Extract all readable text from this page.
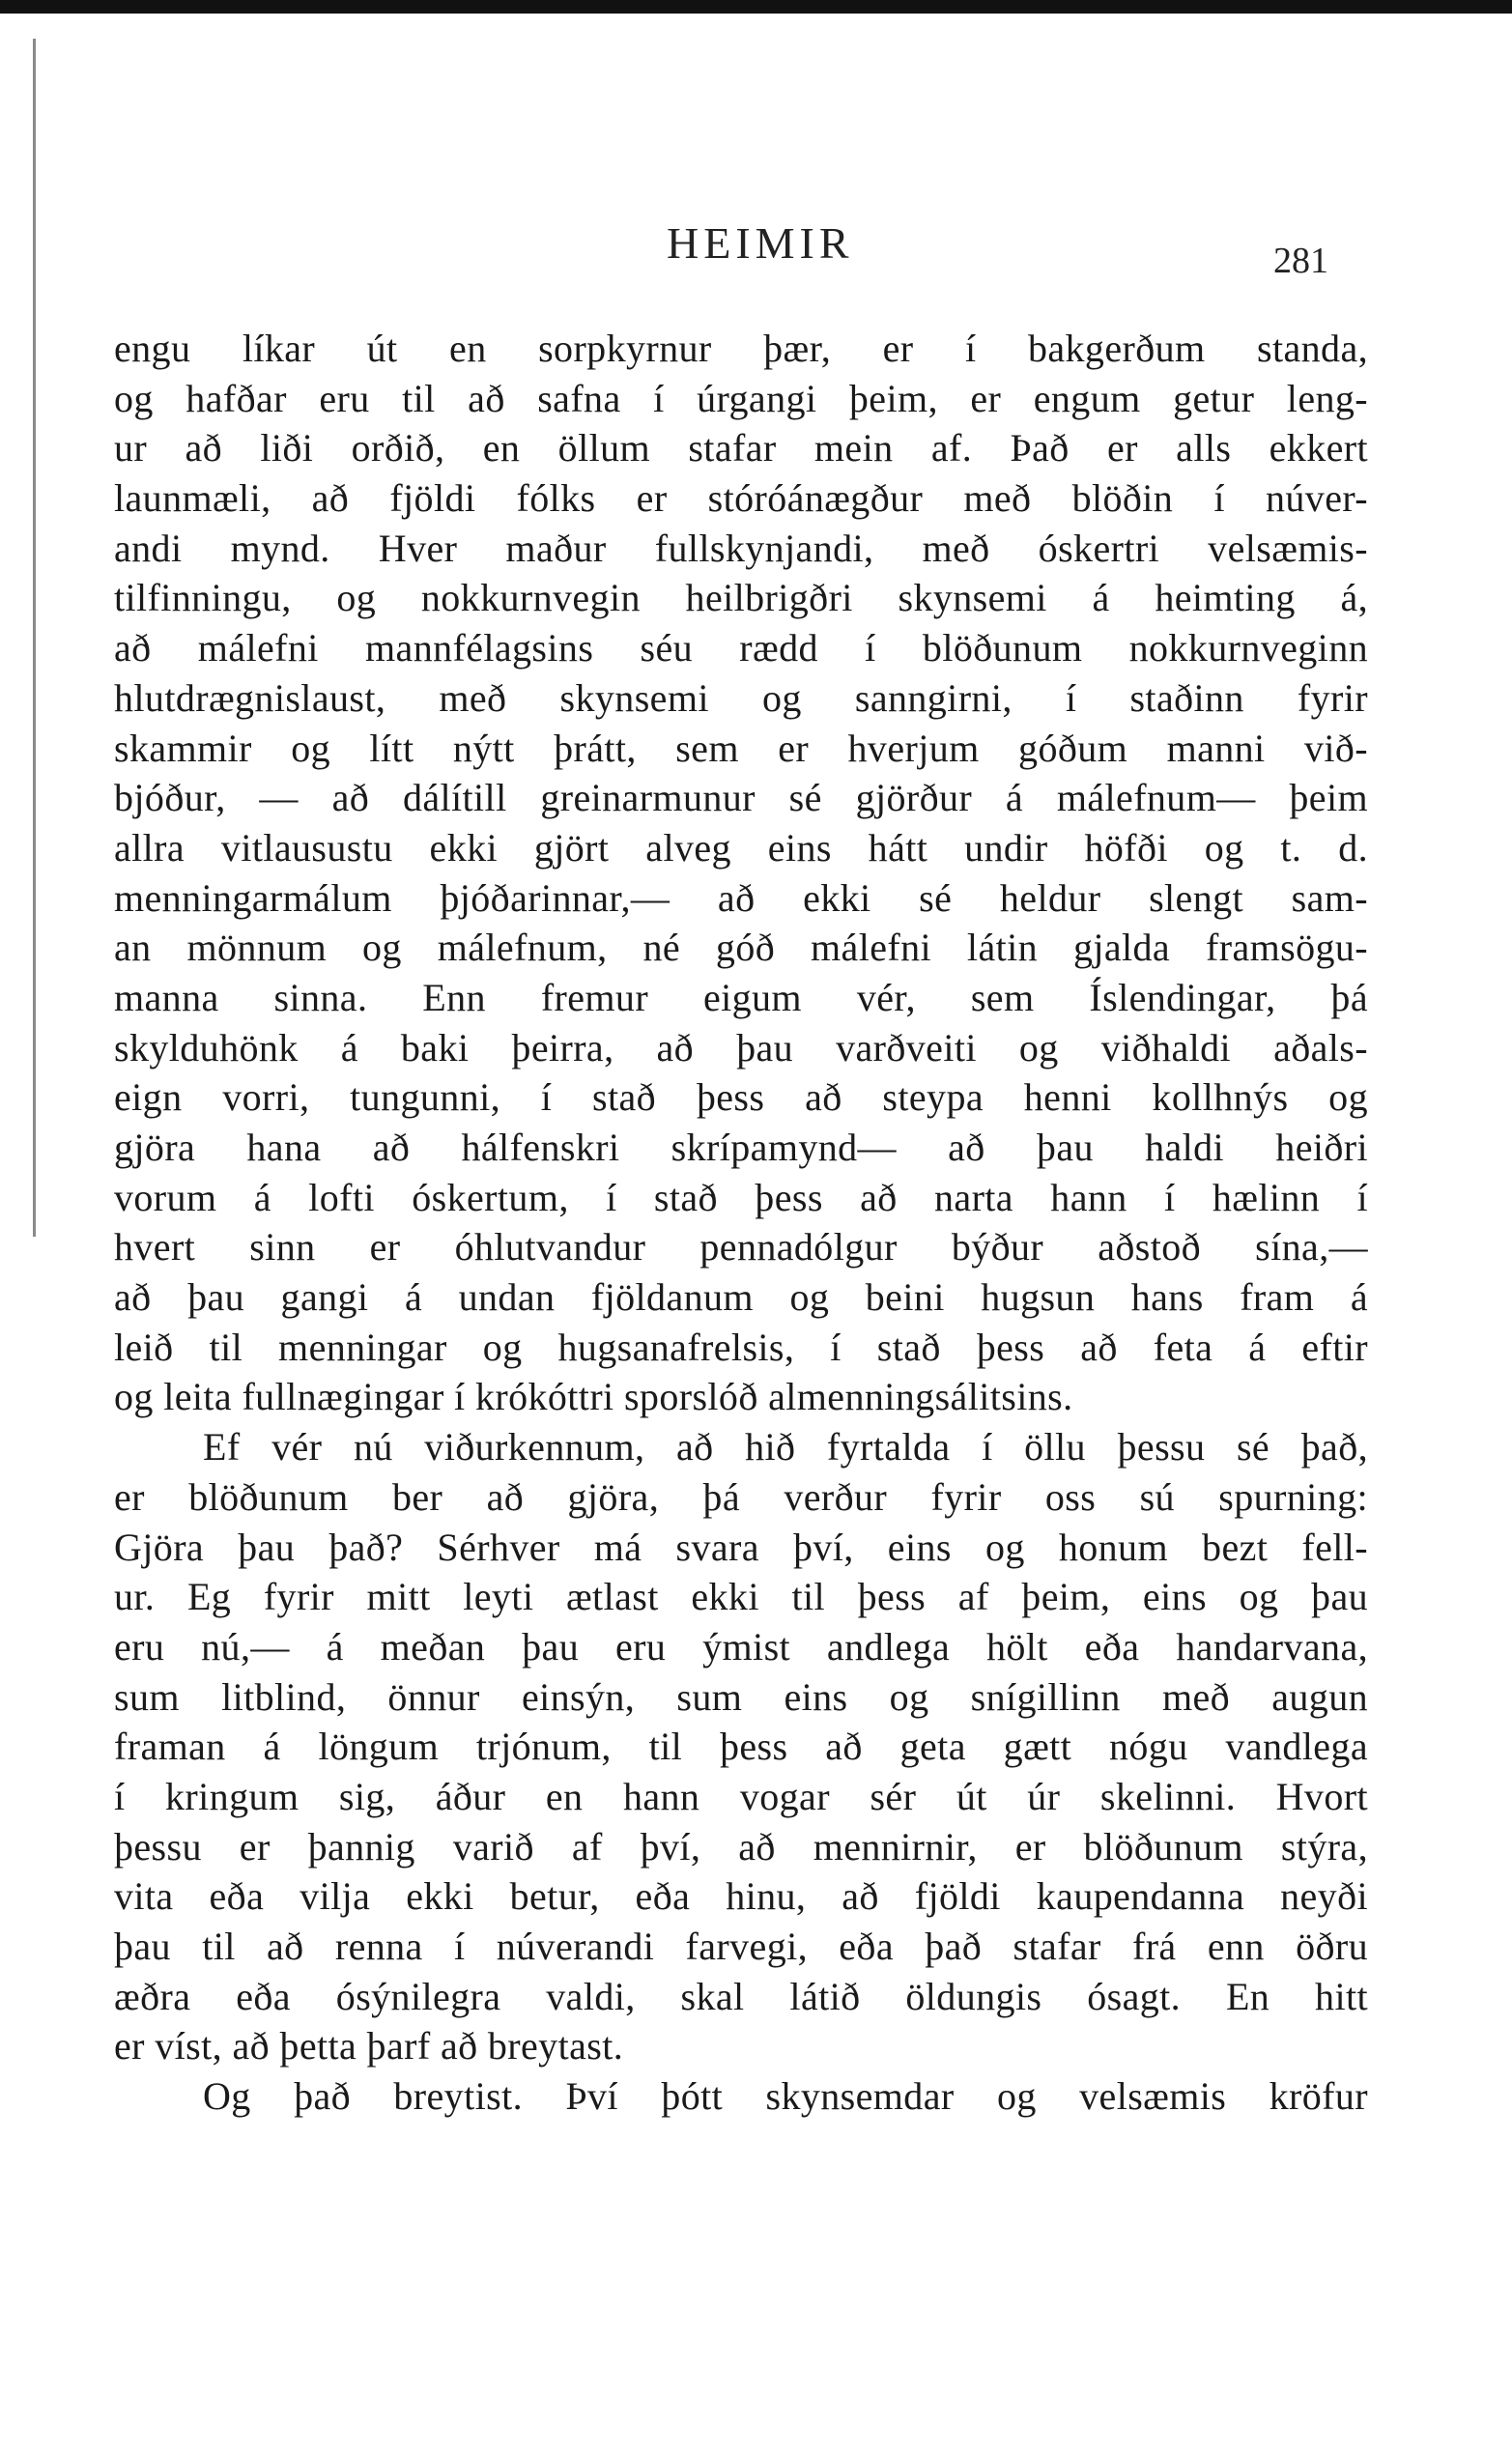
HEIMIR	281

engu líkar út en sorpkyrnur þær, er í bakgerðum standa,
og hafðar eru til að safna í úrgangi þeim, er engum getur leng-
ur að liði orðið, en öllum stafar mein af. Það er alls ekkert
launmæli, að fjöldi fólks er stóróánægður með blöðin í núver-
andi mynd. Hver maður fullskynjandi, með óskertri velsæmis-
tilfinningu, og nokkurnvegin heilbrigðri skynsemi á heimting á,
að málefni mannfélagsins séu rædd í blöðunum nokkurnveginn
hlutdrægnislaust, með skynsemi og sanngirni, í staðinn fyrir
skammir og lítt nýtt þrátt, sem er hverjum góðum manni við-
bjóður, — að dálítill greinarmunur sé gjörður á málefnum— þeim
allra vitlausustu ekki gjört alveg eins hátt undir höfði og t. d.
menningarmálum þjóðarinnar,— að ekki sé heldur slengt sam-
an mönnum og málefnum, né góð málefni látin gjalda framsögu-
manna sinna. Enn fremur eigum vér, sem Íslendingar, þá
skylduhönk á baki þeirra, að þau varðveiti og viðhaldi aðals-
eign vorri, tungunni, í stað þess að steypa henni kollhnýs og
gjöra hana að hálfenskri skrípamynd— að þau haldi heiðri
vorum á lofti óskertum, í stað þess að narta hann í hælinn í
hvert sinn er óhlutvandur pennadólgur býður aðstoð sína,—
að þau gangi á undan fjöldanum og beini hugsun hans fram á
leið til menningar og hugsanafrelsis, í stað þess að feta á eftir
og leita fullnægingar í krókóttri sporslóð almenningsálitsins.

Ef vér nú viðurkennum, að hið fyrtalda í öllu þessu sé það,
er blöðunum ber að gjöra, þá verður fyrir oss sú spurning:
Gjöra þau það? Sérhver má svara því, eins og honum bezt fell-
ur. Eg fyrir mitt leyti ætlast ekki til þess af þeim, eins og þau
eru nú,— á meðan þau eru ýmist andlega hölt eða handarvana,
sum litblind, önnur einsýn, sum eins og snígillinn með augun
framan á löngum trjónum, til þess að geta gætt nógu vandlega
í kringum sig, áður en hann vogar sér út úr skelinni. Hvort
þessu er þannig varið af því, að mennirnir, er blöðunum stýra,
vita eða vilja ekki betur, eða hinu, að fjöldi kaupendanna neyði
þau til að renna í núverandi farvegi, eða það stafar frá enn öðru
æðra eða ósýnilegra valdi, skal látið öldungis ósagt. En hitt
er víst, að þetta þarf að breytast.

Og það breytist. Því þótt skynsemdar og velsæmis kröfur
